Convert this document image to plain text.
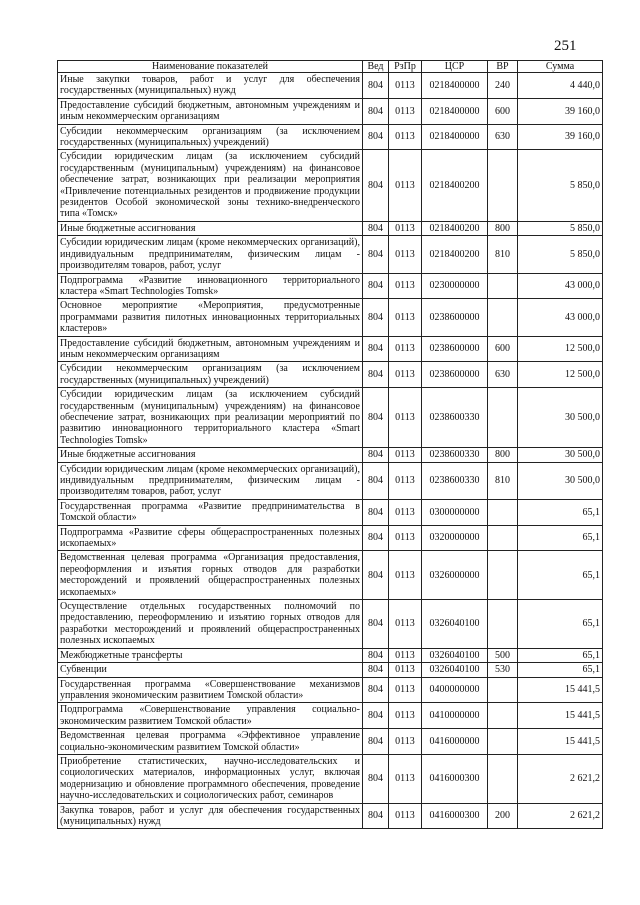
251
Наименование показателей	Вед	РзПр	ЦСР	ВР	Сумма
Иные закупки товаров, работ и услуг для обеспечения государственных (муниципальных) нужд	804	0113	0218400000	240	4 440,0
Предоставление субсидий бюджетным, автономным учреждениям и иным некоммерческим организациям	804	0113	0218400000	600	39 160,0
Субсидии некоммерческим организациям (за исключением государственных (муниципальных) учреждений)	804	0113	0218400000	630	39 160,0
Субсидии юридическим лицам (за исключением субсидий государственным (муниципальным) учреждениям) на финансовое обеспечение затрат, возникающих при реализации мероприятия «Привлечение потенциальных резидентов и продвижение продукции резидентов Особой экономической зоны технико-внедренческого типа «Томск»	804	0113	0218400200		5 850,0
Иные бюджетные ассигнования	804	0113	0218400200	800	5 850,0
Субсидии юридическим лицам (кроме некоммерческих организаций), индивидуальным предпринимателям, физическим лицам - производителям товаров, работ, услуг	804	0113	0218400200	810	5 850,0
Подпрограмма «Развитие инновационного территориального кластера «Smart Technologies Tomsk»	804	0113	0230000000		43 000,0
Основное мероприятие «Мероприятия, предусмотренные программами развития пилотных инновационных территориальных кластеров»	804	0113	0238600000		43 000,0
Предоставление субсидий бюджетным, автономным учреждениям и иным некоммерческим организациям	804	0113	0238600000	600	12 500,0
Субсидии некоммерческим организациям (за исключением государственных (муниципальных) учреждений)	804	0113	0238600000	630	12 500,0
Субсидии юридическим лицам (за исключением субсидий государственным (муниципальным) учреждениям) на финансовое обеспечение затрат, возникающих при реализации мероприятий по развитию инновационного территориального кластера «Smart Technologies Tomsk»	804	0113	0238600330		30 500,0
Иные бюджетные ассигнования	804	0113	0238600330	800	30 500,0
Субсидии юридическим лицам (кроме некоммерческих организаций), индивидуальным предпринимателям, физическим лицам - производителям товаров, работ, услуг	804	0113	0238600330	810	30 500,0
Государственная программа «Развитие предпринимательства в Томской области»	804	0113	0300000000		65,1
Подпрограмма «Развитие сферы общераспространенных полезных ископаемых»	804	0113	0320000000		65,1
Ведомственная целевая программа «Организация предоставления, переоформления и изъятия горных отводов для разработки месторождений и проявлений общераспространенных полезных ископаемых»	804	0113	0326000000		65,1
Осуществление отдельных государственных полномочий по предоставлению, переоформлению и изъятию горных отводов для разработки месторождений и проявлений общераспространенных полезных ископаемых	804	0113	0326040100		65,1
Межбюджетные трансферты	804	0113	0326040100	500	65,1
Субвенции	804	0113	0326040100	530	65,1
Государственная программа «Совершенствование механизмов управления экономическим развитием Томской области»	804	0113	0400000000		15 441,5
Подпрограмма «Совершенствование управления социально-экономическим развитием Томской области»	804	0113	0410000000		15 441,5
Ведомственная целевая программа «Эффективное управление социально-экономическим развитием Томской области»	804	0113	0416000000		15 441,5
Приобретение статистических, научно-исследовательских и социологических материалов, информационных услуг, включая модернизацию и обновление программного обеспечения, проведение научно-исследовательских и социологических работ, семинаров	804	0113	0416000300		2 621,2
Закупка товаров, работ и услуг для обеспечения государственных (муниципальных) нужд	804	0113	0416000300	200	2 621,2
